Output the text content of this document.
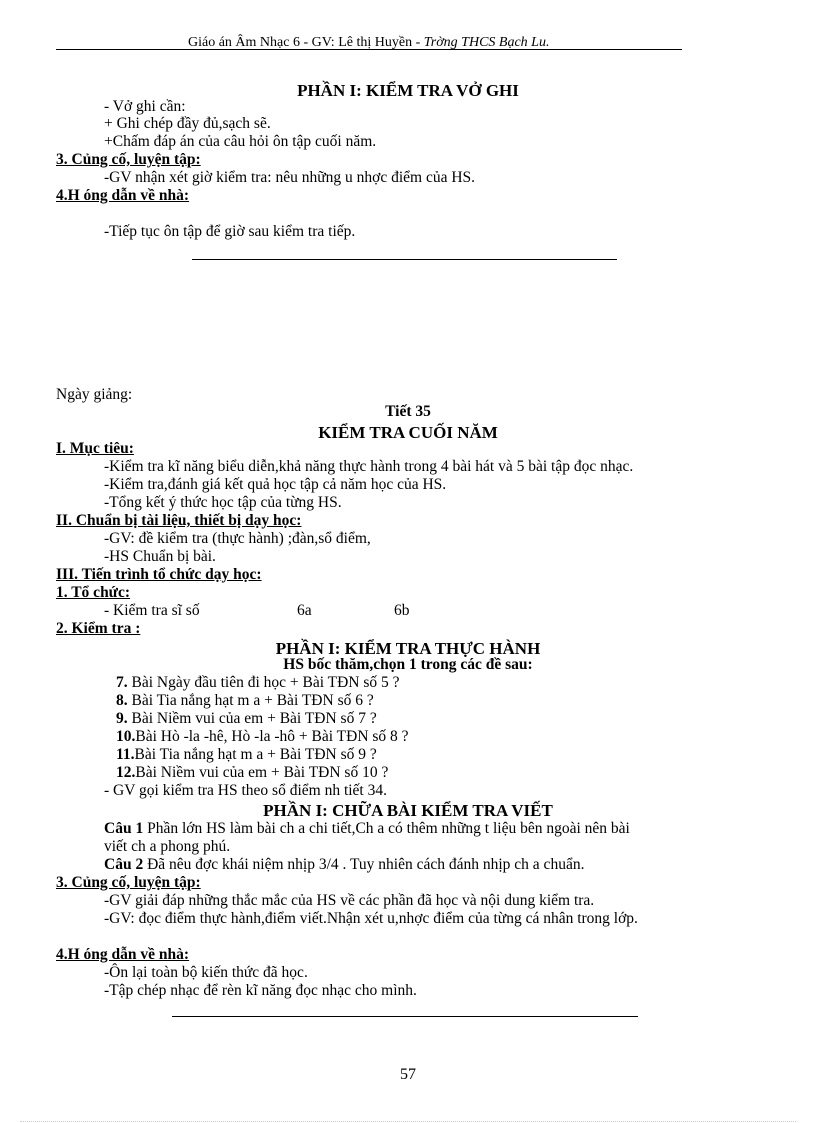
Giáo án Âm Nhạc 6 - GV: Lê thị Huyền - Trờng THCS Bạch Lu.
PHẦN I: KIỂM TRA VỞ GHI
- Vở ghi cần:
+ Ghi chép đầy đủ,sạch sẽ.
+Chấm đáp án của câu hỏi ôn tập cuối năm.
3. Củng cố, luyện tập:
-GV nhận xét giờ kiểm tra: nêu những u nhợc điểm của HS.
4.H óng dẫn về nhà:
-Tiếp tục ôn tập để giờ sau kiểm tra tiếp.
Ngày giảng:
Tiết 35
KIỂM TRA CUỐI NĂM
I. Mục tiêu:
-Kiểm tra kĩ năng biểu diễn,khả năng thực hành trong 4 bài hát và 5 bài tập đọc nhạc.
-Kiểm tra,đánh giá kết quả học tập cả năm học của HS.
-Tổng kết ý thức học tập của từng HS.
II. Chuẩn bị tài liệu, thiết bị dạy học:
-GV: đề kiểm tra (thực hành) ;đàn,sổ điểm,
-HS Chuẩn bị bài.
III. Tiến trình tổ chức dạy học:
1. Tổ chức:
- Kiểm tra sĩ số	6a	6b
2. Kiểm tra :
PHẦN I: KIỂM TRA THỰC HÀNH
HS bốc thăm,chọn 1 trong các đề sau:
7. Bài Ngày đầu tiên đi học + Bài TĐN số 5 ?
8. Bài Tia nắng hạt m a + Bài TĐN số 6 ?
9. Bài Niềm vui của em + Bài TĐN số 7 ?
10.Bài Hò -la -hê, Hò -la -hô + Bài TĐN số 8 ?
11.Bài Tia nắng hạt m a + Bài TĐN số 9 ?
12.Bài Niềm vui của em + Bài TĐN số 10 ?
- GV gọi kiểm tra HS theo sổ điểm nh tiết 34.
PHẦN I: CHỮA BÀI KIỂM TRA VIẾT
Câu 1 Phần lớn HS làm bài ch a chi tiết,Ch a có thêm những t liệu bên ngoài nên bài
viết ch a phong phú.
Câu 2 Đã nêu đợc khái niệm nhịp 3/4 . Tuy nhiên cách đánh nhịp ch a chuẩn.
3. Củng cố, luyện tập:
-GV giải đáp những thắc mắc của HS về các phần đã học và nội dung kiểm tra.
-GV: đọc điểm thực hành,điểm viết.Nhận xét u,nhợc điểm của từng cá nhân trong lớp.
4.H óng dẫn về nhà:
-Ôn lại toàn bộ kiến thức đã học.
-Tập chép nhạc để rèn kĩ năng đọc nhạc cho mình.
57
